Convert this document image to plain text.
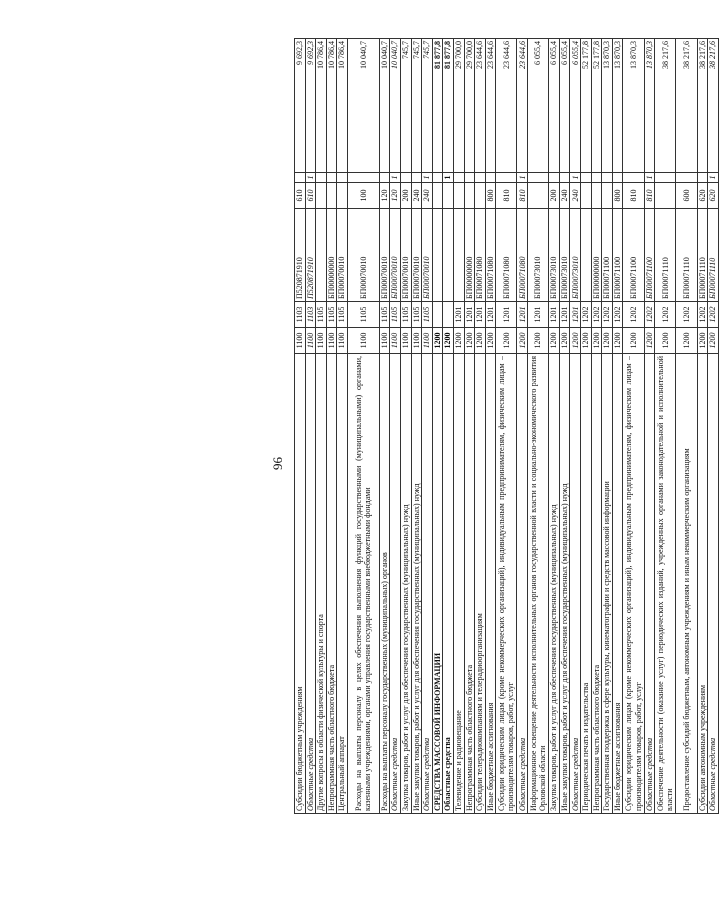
96
Субсидии бюджетным учреждениям	1100	1103	П520871910	610		9 692,3
Областные средства	1100	1103	П520871910	610	1	9 692,3
Другие вопросы в области физической культуры и спорта	1100	1105				10 786,4
Непрограммная часть областного бюджета	1100	1105	БП00000000			10 786,4
Центральный аппарат	1100	1105	БП00070010			10 786,4
Расходы на выплаты персоналу в целях обеспечения выполнения функций государственными (муниципальными) органами, казенными учреждениями, органами управления государственными внебюджетными фондами	1100	1105	БП00070010	100		10 040,7
Расходы на выплаты персоналу государственных (муниципальных) органов	1100	1105	БП00070010	120		10 040,7
Областные средства	1100	1105	БП00070010	120	1	10 040,7
Закупка товаров, работ и услуг для обеспечения государственных (муниципальных) нужд	1100	1105	БП00070010	200		745,7
Иные закупки товаров, работ и услуг для обеспечения государственных (муниципальных) нужд	1100	1105	БП00070010	240		745,7
Областные средства	1100	1105	БП00070010	240	1	745,7
СРЕДСТВА МАССОВОЙ ИНФОРМАЦИИ	1200					81 877,8
Областные средства	1200				1	81 877,8
Телевидение и радиовещание	1200	1201				29 700,0
Непрограммная часть областного бюджета	1200	1201	БП00000000			29 700,0
Субсидии телерадиокомпаниям и телерадиоорганизациям	1200	1201	БП00071080			23 644,6
Иные бюджетные ассигнования	1200	1201	БП00071080	800		23 644,6
Субсидии юридическим лицам (кроме некоммерческих организаций), индивидуальным предпринимателям, физическим лицам – производителям товаров, работ, услуг	1200	1201	БП00071080	810		23 644,6
Областные средства	1200	1201	БП00071080	810	1	23 644,6
Информационное освещение деятельности исполнительных органов государственной власти и социально-экономического развития Орловской области	1200	1201	БП00073010			6 055,4
Закупка товаров, работ и услуг для обеспечения государственных (муниципальных) нужд	1200	1201	БП00073010	200		6 055,4
Иные закупки товаров, работ и услуг для обеспечения государственных (муниципальных) нужд	1200	1201	БП00073010	240		6 055,4
Областные средства	1200	1201	БП00073010	240	1	6 055,4
Периодическая печать и издательства	1200	1202				52 177,8
Непрограммная часть областного бюджета	1200	1202	БП00000000			52 177,8
Государственная поддержка в сфере культуры, кинематографии и средств массовой информации	1200	1202	БП00071100			13 870,3
Иные бюджетные ассигнования	1200	1202	БП00071100	800		13 870,3
Субсидии юридическим лицам (кроме некоммерческих организаций), индивидуальным предпринимателям, физическим лицам – производителям товаров, работ, услуг	1200	1202	БП00071100	810		13 870,3
Областные средства	1200	1202	БП00071100	810	1	13 870,3
Обеспечение деятельности (оказание услуг) периодических изданий, учрежденных органами законодательной и исполнительной власти	1200	1202	БП00071110			38 217,6
Предоставление субсидий бюджетным, автономным учреждениям и иным некоммерческим организациям	1200	1202	БП00071110	600		38 217,6
Субсидии автономным учреждениям	1200	1202	БП00071110	620		38 217,6
Областные средства	1200	1202	БП00071110	620	1	38 217,6
